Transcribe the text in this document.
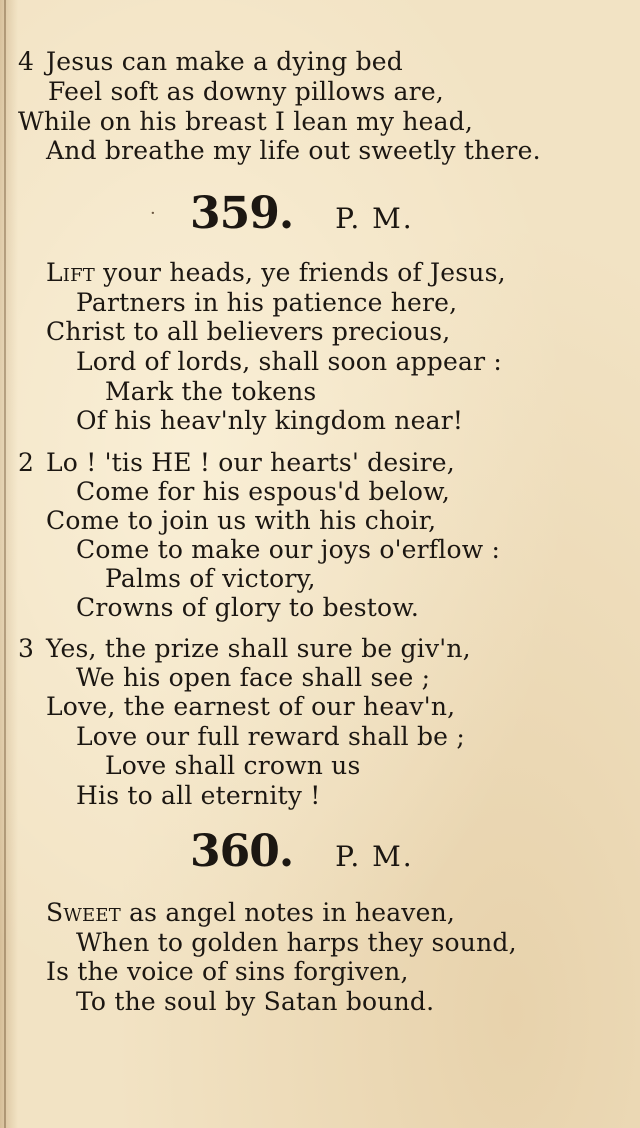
4 Jesus can make a dying bed
Feel soft as downy pillows are,
While on his breast I lean my head,
And breathe my life out sweetly there.
· 359. P. M.
Lift your heads, ye friends of Jesus,
Partners in his patience here,
Christ to all believers precious,
Lord of lords, shall soon appear :
Mark the tokens
Of his heav'nly kingdom near!
2 Lo ! 'tis HE ! our hearts' desire,
Come for his espous'd below,
Come to join us with his choir,
Come to make our joys o'erflow :
Palms of victory,
Crowns of glory to bestow.
3 Yes, the prize shall sure be giv'n,
We his open face shall see ;
Love, the earnest of our heav'n,
Love our full reward shall be ;
Love shall crown us
His to all eternity !
360. P. M.
Sweet as angel notes in heaven,
When to golden harps they sound,
Is the voice of sins forgiven,
To the soul by Satan bound.
